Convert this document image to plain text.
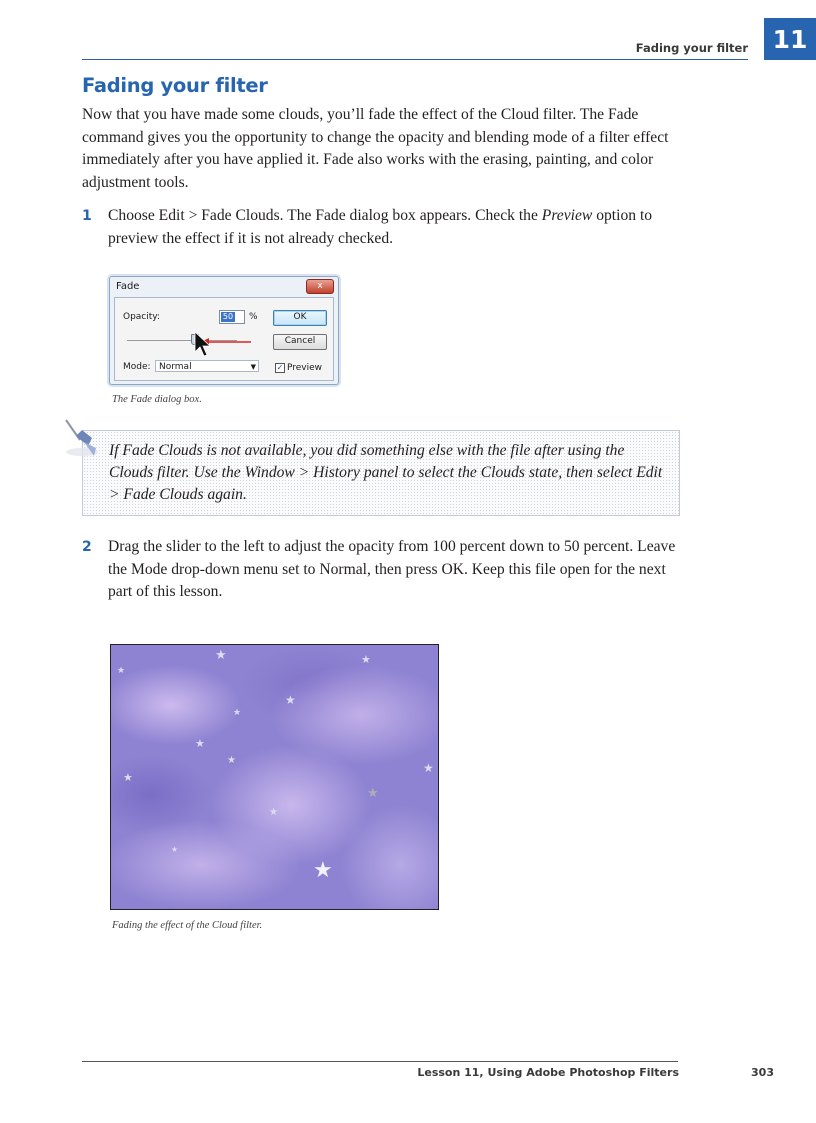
Fading your filter 11
Fading your filter

Now that you have made some clouds, you’ll fade the effect of the Cloud filter. The Fade command gives you the opportunity to change the opacity and blending mode of a filter effect immediately after you have applied it. Fade also works with the erasing, painting, and color adjustment tools.

1 Choose Edit > Fade Clouds. The Fade dialog box appears. Check the Preview option to preview the effect if it is not already checked.

Fade	x
Opacity:	50 %	OK
Cancel
Mode: Normal	▼	✓ Preview

The Fade dialog box.

If Fade Clouds is not available, you did something else with the file after using the Clouds filter. Use the Window > History panel to select the Clouds state, then select Edit > Fade Clouds again.

2 Drag the slider to the left to adjust the opacity from 100 percent down to 50 percent. Leave the Mode drop-down menu set to Normal, then press OK. Keep this file open for the next part of this lesson.

★	★
★
★
★
★
★
★
★
★
★
★
★

Fading the effect of the Cloud filter.

Lesson 11, Using Adobe Photoshop Filters	303
